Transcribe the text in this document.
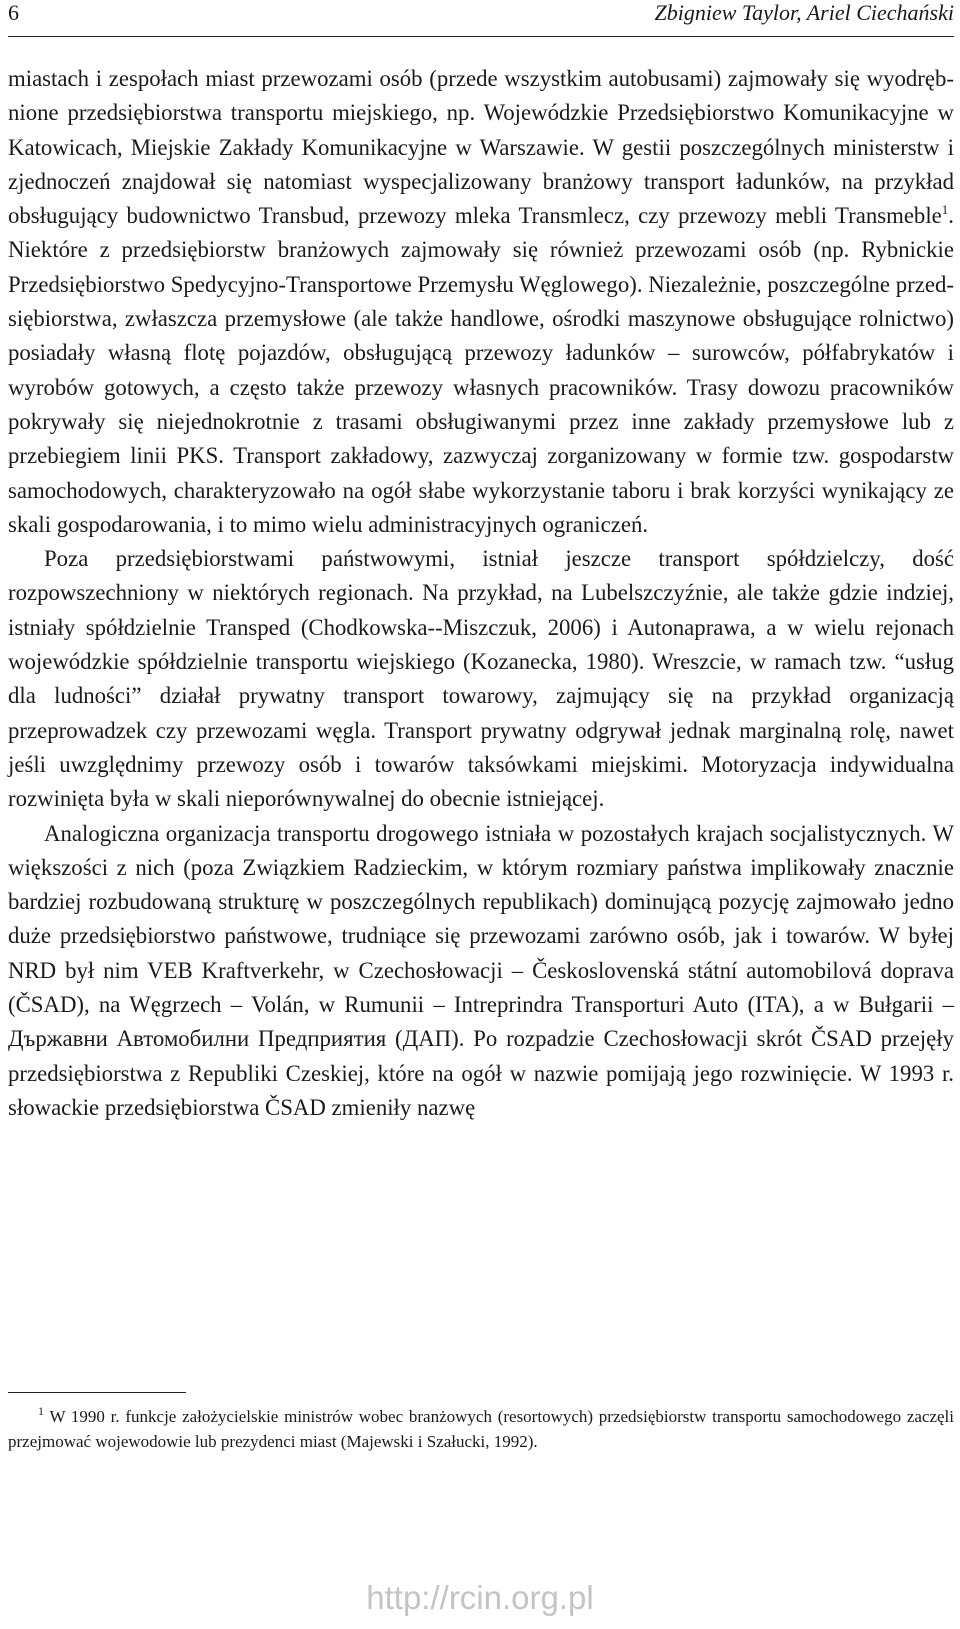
6	Zbigniew Taylor, Ariel Ciechański

miastach i zespołach miast przewozami osób (przede wszystkim autobusami) zajmowały się wyodrębnione przedsiębiorstwa transportu miejskiego, np. Wojewódzkie Przedsiębiorstwo Komunikacyjne w Katowicach, Miejskie Zakłady Komunikacyjne w Warszawie. W gestii poszczególnych ministerstw i zjednoczeń znajdował się natomiast wyspecjalizowany branżowy transport ładunków, na przykład obsługujący budownictwo Transbud, przewozy mleka Transmlecz, czy przewozy mebli Transmeble$^1$. Niektóre z przedsiębiorstw branżowych zajmowały się również przewozami osób (np. Rybnickie Przedsiębiorstwo Spedycyjno-Transportowe Przemysłu Węglowego). Niezależnie, poszczególne przedsiębiorstwa, zwłaszcza przemysłowe (ale także handlowe, ośrodki maszynowe obsługujące rolnictwo) posiadały własną flotę pojazdów, obsługującą przewozy ładunków – surowców, półfabrykatów i wyrobów gotowych, a często także przewozy własnych pracowników. Trasy dowozu pracowników pokrywały się niejednokrotnie z trasami obsługiwanymi przez inne zakłady przemysłowe lub z przebiegiem linii PKS. Transport zakładowy, zazwyczaj zorganizowany w formie tzw. gospodarstw samochodowych, charakteryzowało na ogół słabe wykorzystanie taboru i brak korzyści wynikający ze skali gospodarowania, i to mimo wielu administracyjnych ograniczeń.

Poza przedsiębiorstwami państwowymi, istniał jeszcze transport spółdzielczy, dość rozpowszechniony w niektórych regionach. Na przykład, na Lubelszczyźnie, ale także gdzie indziej, istniały spółdzielnie Transped (Chodkowska--Miszczuk, 2006) i Autonaprawa, a w wielu rejonach wojewódzkie spółdzielnie transportu wiejskiego (Kozanecka, 1980). Wreszcie, w ramach tzw. “usług dla ludności” działał prywatny transport towarowy, zajmujący się na przykład organizacją przeprowadzek czy przewozami węgla. Transport prywatny odgrywał jednak marginalną rolę, nawet jeśli uwzględnimy przewozy osób i towarów taksówkami miejskimi. Motoryzacja indywidualna rozwinięta była w skali nieporównywalnej do obecnie istniejącej.

Analogiczna organizacja transportu drogowego istniała w pozostałych krajach socjalistycznych. W większości z nich (poza Związkiem Radzieckim, w którym rozmiary państwa implikowały znacznie bardziej rozbudowaną strukturę w poszczególnych republikach) dominującą pozycję zajmowało jedno duże przedsiębiorstwo państwowe, trudniące się przewozami zarówno osób, jak i towarów. W byłej NRD był nim VEB Kraftverkehr, w Czechosłowacji – Československá státní automobilová doprava (ČSAD), na Węgrzech – Volán, w Rumunii – Intreprindra Transporturi Auto (ITA), a w Bułgarii – Държавни Автомобилни Предприятия (ДАП). Po rozpadzie Czechosłowacji skrót ČSAD przejęły przedsiębiorstwa z Republiki Czeskiej, które na ogół w nazwie pomijają jego rozwinięcie. W 1993 r. słowackie przedsiębiorstwa ČSAD zmieniły nazwę

$^1$ W 1990 r. funkcje założycielskie ministrów wobec branżowych (resortowych) przedsiębiorstw transportu samochodowego zaczęli przejmować wojewodowie lub prezydenci miast (Majewski i Szałucki, 1992).
http://rcin.org.pl
